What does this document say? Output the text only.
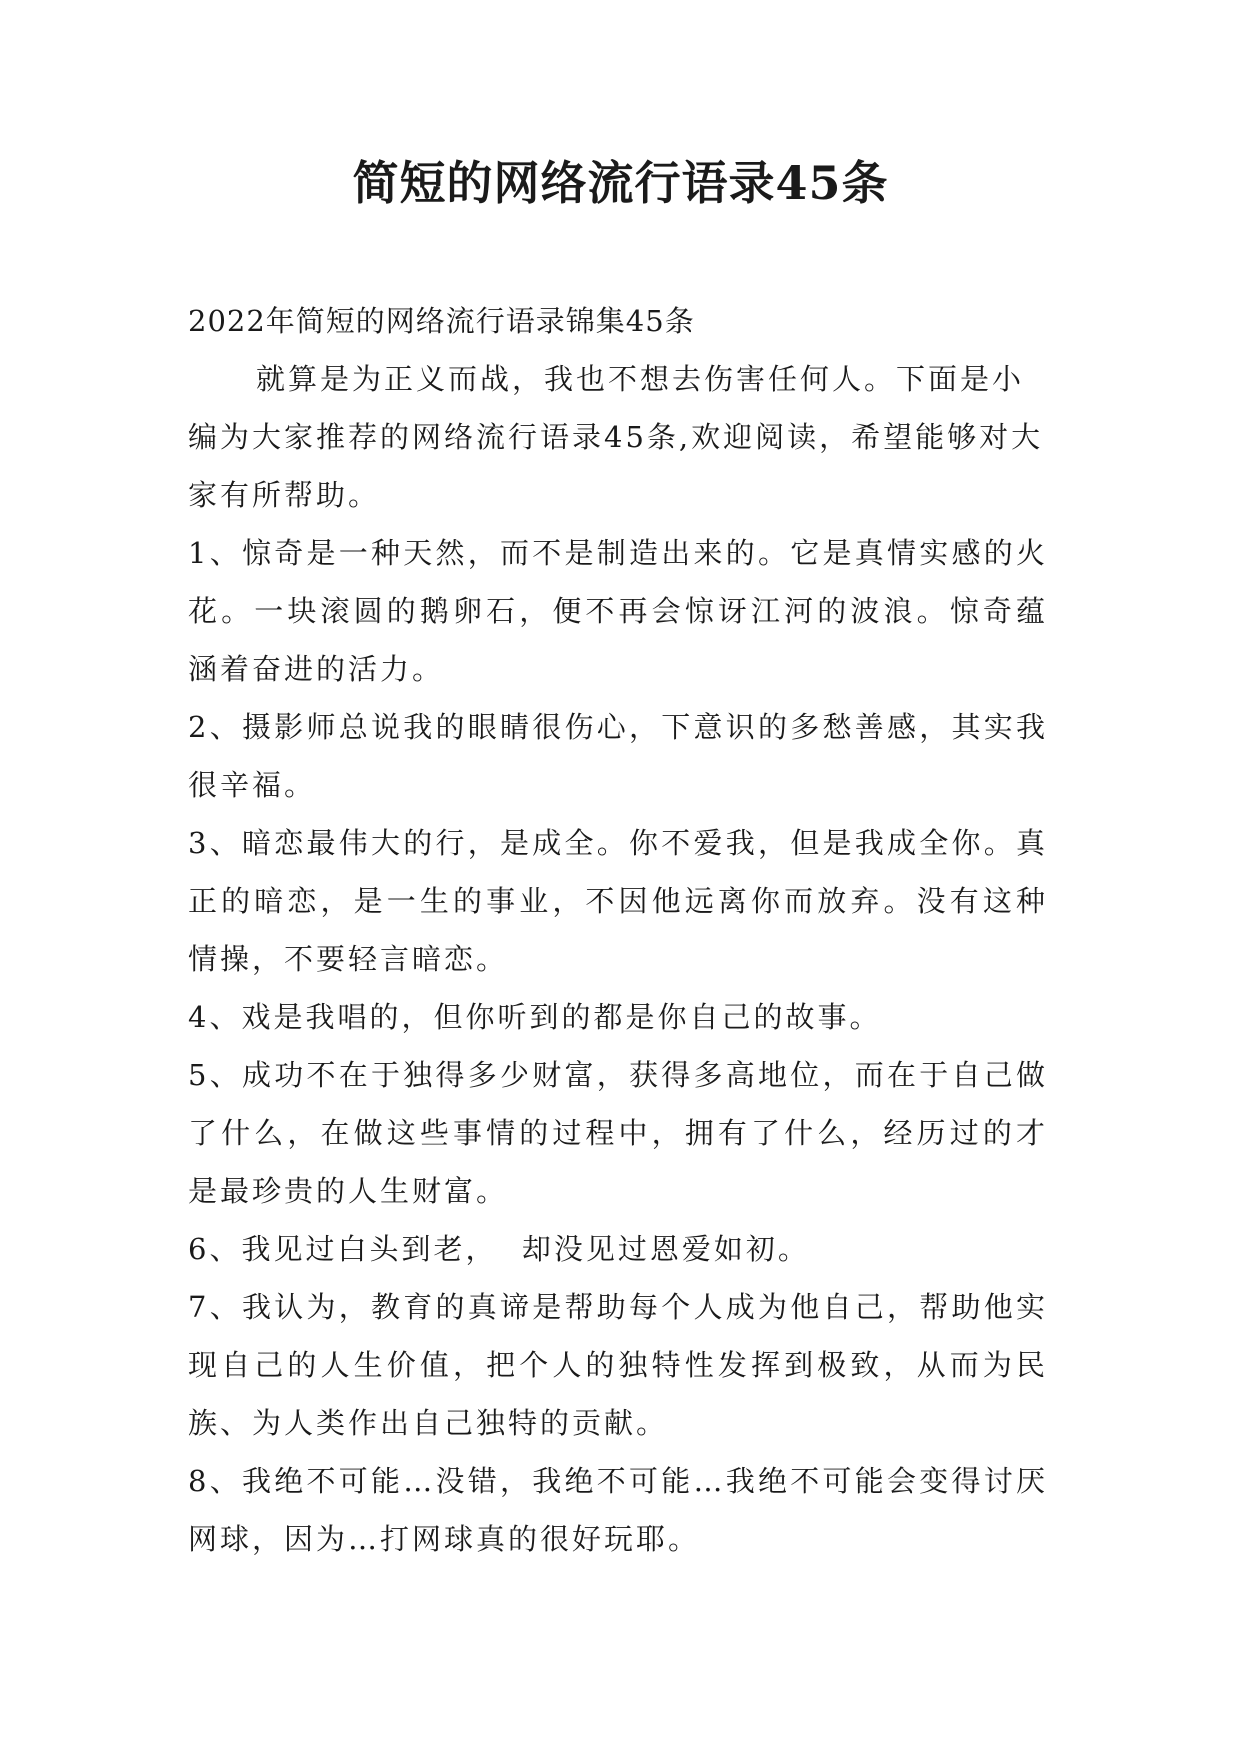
简短的网络流行语录45条

2022年简短的网络流行语录锦集45条

就算是为正义而战，我也不想去伤害任何人。下面是小编为大家推荐的网络流行语录45条,欢迎阅读，希望能够对大家有所帮助。

1、惊奇是一种天然，而不是制造出来的。它是真情实感的火花。一块滚圆的鹅卵石，便不再会惊讶江河的波浪。惊奇蕴涵着奋进的活力。

2、摄影师总说我的眼睛很伤心，下意识的多愁善感，其实我很辛福。

3、暗恋最伟大的行，是成全。你不爱我，但是我成全你。真正的暗恋，是一生的事业，不因他远离你而放弃。没有这种情操，不要轻言暗恋。

4、戏是我唱的，但你听到的都是你自己的故事。

5、成功不在于独得多少财富，获得多高地位，而在于自己做了什么，在做这些事情的过程中，拥有了什么，经历过的才是最珍贵的人生财富。

6、我见过白头到老，  却没见过恩爱如初。

7、我认为，教育的真谛是帮助每个人成为他自己，帮助他实现自己的人生价值，把个人的独特性发挥到极致，从而为民族、为人类作出自己独特的贡献。

8、我绝不可能…没错，我绝不可能…我绝不可能会变得讨厌网球，因为…打网球真的很好玩耶。
